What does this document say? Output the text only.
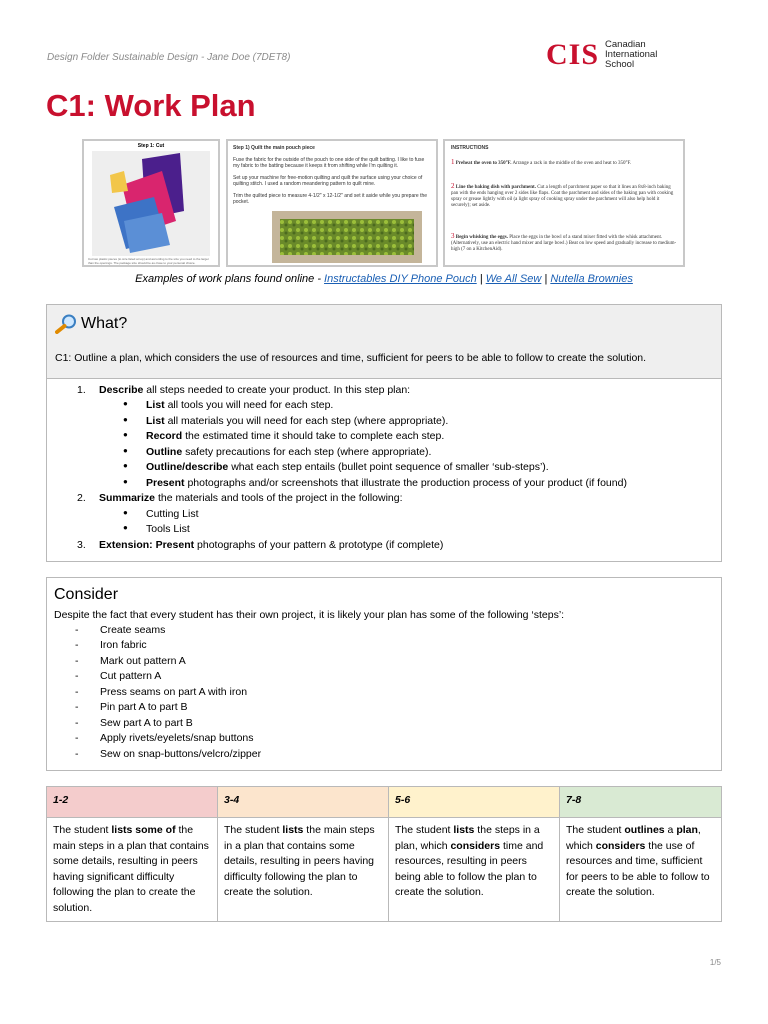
Design Folder Sustainable Design - Jane Doe (7DET8)	CIS Canadian
International
School
C1: Work Plan
Step 1: Cut
Cut two plastic pieces (to size listed at top) and according to the size you need to the larger than the openings. The package size should be as close to your personal choice.
Step 1) Quilt the main pouch piece
Fuse the fabric for the outside of the pouch to one side of the quilt batting. I like to fuse my fabric to the batting because it keeps it from shifting while I'm quilting it.
Set up your machine for free-motion quilting and quilt the surface using your choice of quilting stitch. I used a random meandering pattern to quilt mine.
Trim the quilted piece to measure 4-1/2" x 12-1/2" and set it aside while you prepare the pocket.
INSTRUCTIONS
1 Preheat the oven to 350°F. Arrange a rack in the middle of the oven and heat to 350°F.
2 Line the baking dish with parchment. Cut a length of parchment paper so that it lines an 8x8-inch baking pan with the ends hanging over 2 sides like flaps. Coat the parchment and sides of the baking pan with cooking spray or grease lightly with oil (a light spray of cooking spray under the parchment will also help hold it securely); set aside.
3 Begin whisking the eggs. Place the eggs in the bowl of a stand mixer fitted with the whisk attachment. (Alternatively, use an electric hand mixer and large bowl.) Beat on low speed and gradually increase to medium-high (7 on a KitchenAid).
Examples of work plans found online - Instructables DIY Phone Pouch | We All Sew | Nutella Brownies
What?
C1: Outline a plan, which considers the use of resources and time, sufficient for peers to be able to follow to create the solution.
1. Describe all steps needed to create your product. In this step plan:
● List all tools you will need for each step.
● List all materials you will need for each step (where appropriate).
● Record the estimated time it should take to complete each step.
● Outline safety precautions for each step (where appropriate).
● Outline/describe what each step entails (bullet point sequence of smaller ‘sub-steps’).
● Present photographs and/or screenshots that illustrate the production process of your product (if found)
2. Summarize the materials and tools of the project in the following:
● Cutting List
● Tools List
3. Extension: Present photographs of your pattern & prototype (if complete)
Consider
Despite the fact that every student has their own project, it is likely your plan has some of the following ‘steps’:
- Create seams
- Iron fabric
- Mark out pattern A
- Cut pattern A
- Press seams on part A with iron
- Pin part A to part B
- Sew part A to part B
- Apply rivets/eyelets/snap buttons
- Sew on snap-buttons/velcro/zipper
1-2	3-4	5-6	7-8
The student lists some of the main steps in a plan that contains some details, resulting in peers having significant difficulty following the plan to create the solution.	The student lists the main steps in a plan that contains some details, resulting in peers having difficulty following the plan to create the solution.	The student lists the steps in a plan, which considers time and resources, resulting in peers being able to follow the plan to create the solution.	The student outlines a plan, which considers the use of resources and time, sufficient for peers to be able to follow to create the solution.
1/5
